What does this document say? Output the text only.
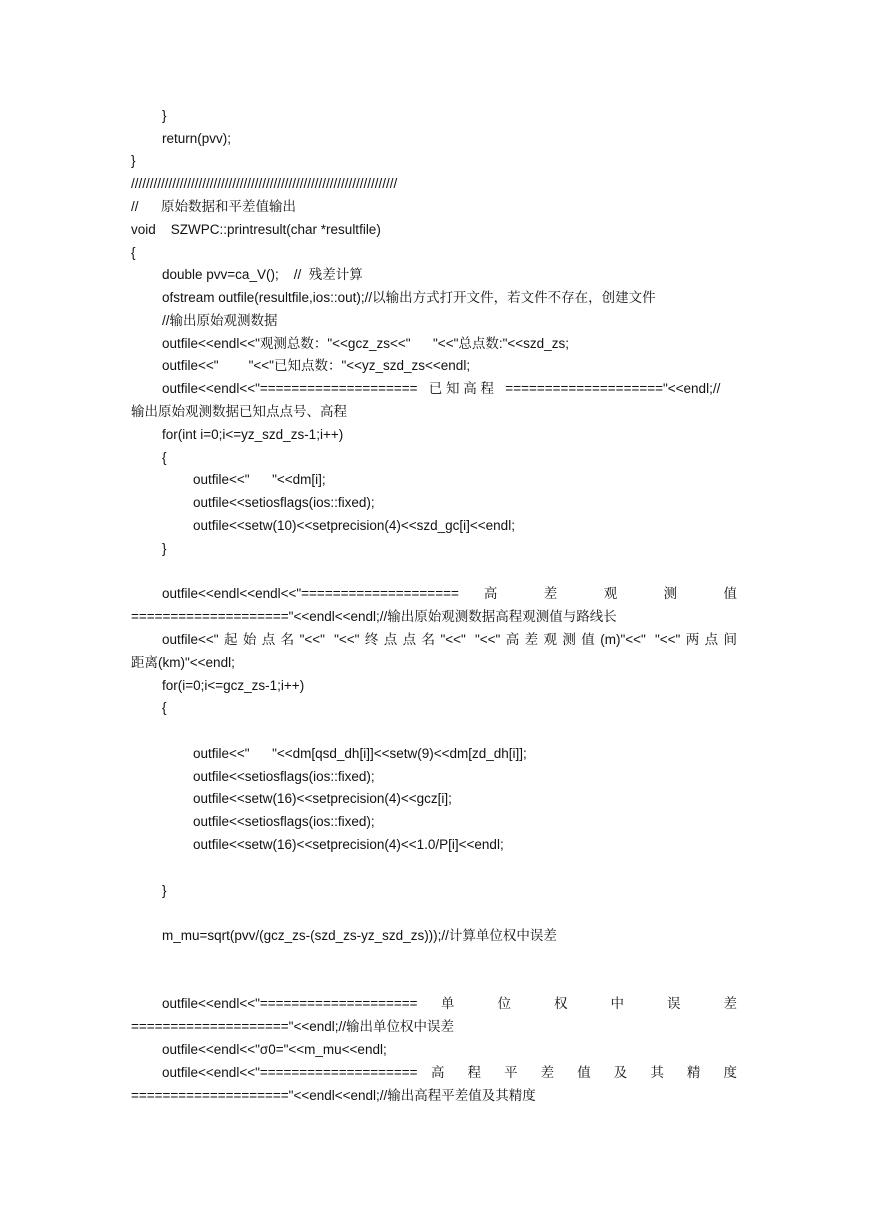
}
return(pvv);
}
///////////////////////////////////////////////////////////////////////
//      原始数据和平差值输出
void    SZWPC::printresult(char *resultfile)
{
double pvv=ca_V();    //  残差计算
ofstream outfile(resultfile,ios::out);//以输出方式打开文件，若文件不存在，创建文件
//输出原始观测数据
outfile<<endl<<"观测总数："<<gcz_zs<<"      "<<"总点数:"<<szd_zs;
outfile<<"        "<<"已知点数："<<yz_szd_zs<<endl;
outfile<<endl<<"====================   已 知 高 程   ===================="<<endl;//
输出原始观测数据已知点点号、高程
for(int i=0;i<=yz_szd_zs-1;i++)
{
outfile<<"      "<<dm[i];
outfile<<setiosflags(ios::fixed);
outfile<<setw(10)<<setprecision(4)<<szd_gc[i]<<endl;
}
outfile<<endl<<endl<<"==================== 高 差 观 测 值
===================="<<endl<<endl;//输出原始观测数据高程观测值与路线长
outfile<<"起始点名"<<" "<<"终点点名"<<" "<<"高差观测值(m)"<<" "<<"两点间
距离(km)"<<endl;
for(i=0;i<=gcz_zs-1;i++)
{
outfile<<"      "<<dm[qsd_dh[i]]<<setw(9)<<dm[zd_dh[i]];
outfile<<setiosflags(ios::fixed);
outfile<<setw(16)<<setprecision(4)<<gcz[i];
outfile<<setiosflags(ios::fixed);
outfile<<setw(16)<<setprecision(4)<<1.0/P[i]<<endl;
}
m_mu=sqrt(pvv/(gcz_zs-(szd_zs-yz_szd_zs)));//计算单位权中误差
outfile<<endl<<"==================== 单 位 权 中 误 差
===================="<<endl;//输出单位权中误差
outfile<<endl<<"σ0="<<m_mu<<endl;
outfile<<endl<<"==================== 高 程 平 差 值 及 其 精 度
===================="<<endl<<endl;//输出高程平差值及其精度
